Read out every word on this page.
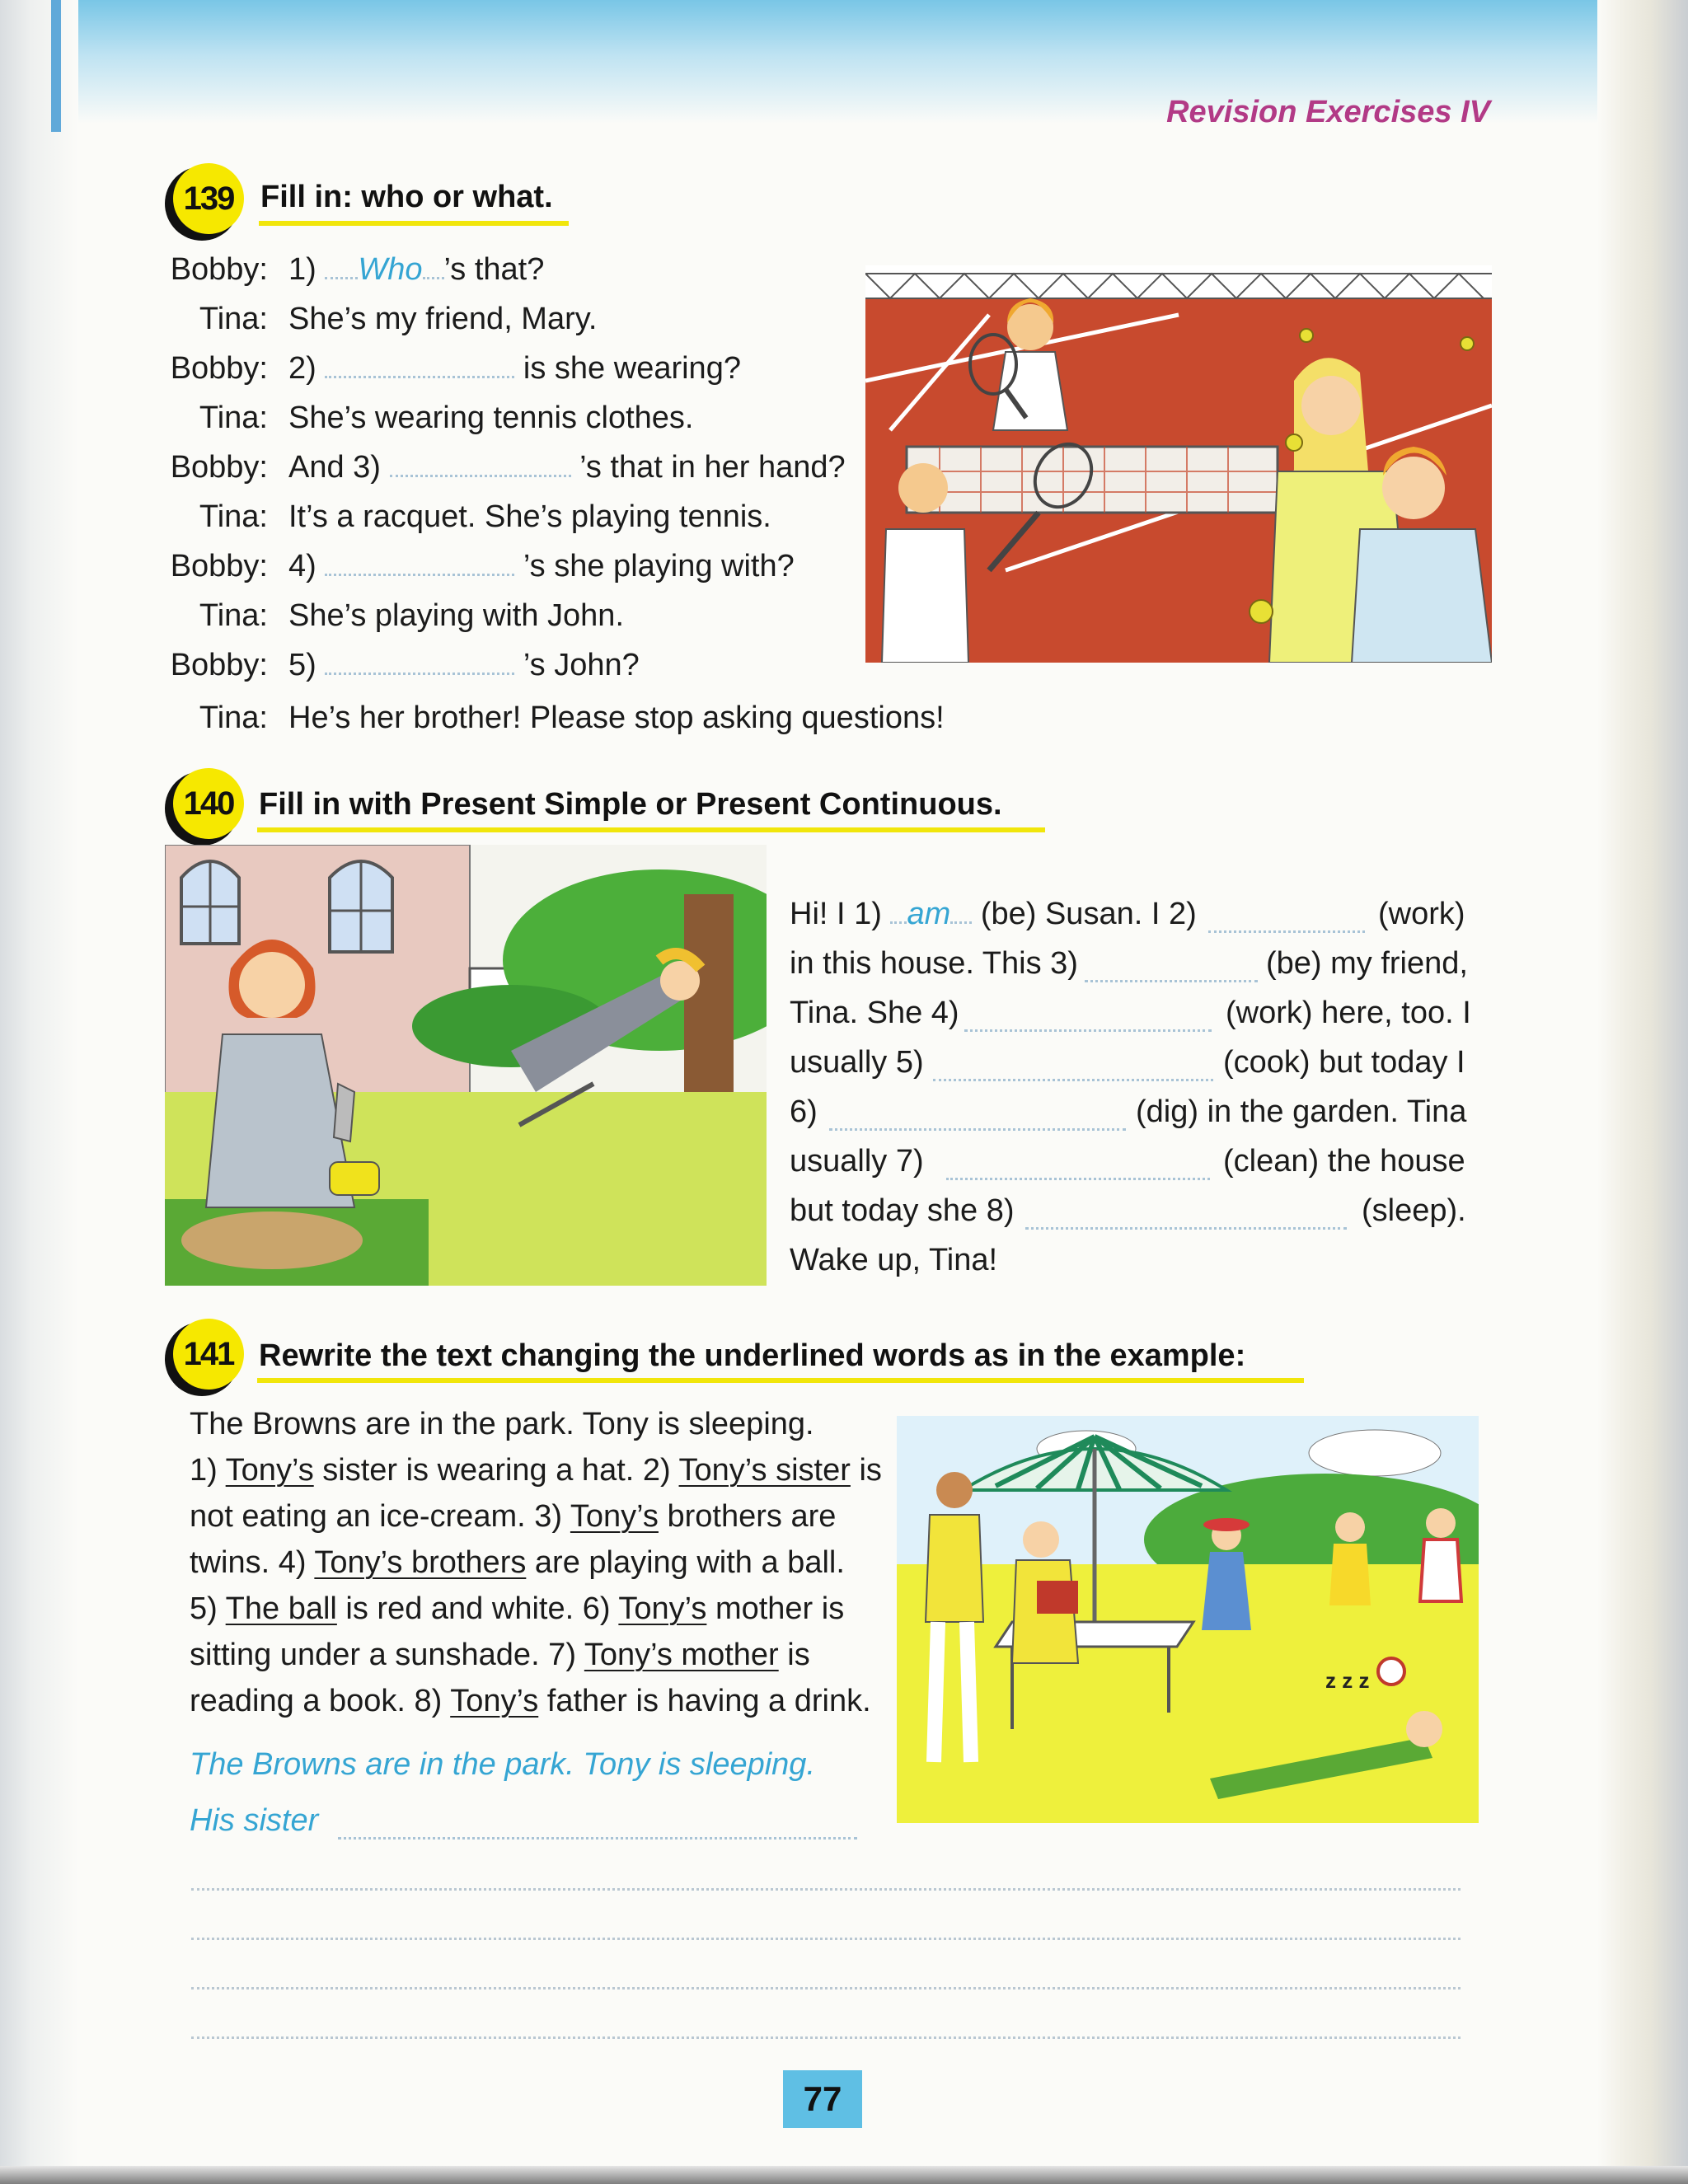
Revision Exercises IV
139 Fill in: who or what.
Bobby: 1) Who ’s that?
Tina: She’s my friend, Mary.
Bobby: 2)	is she wearing?
Tina: She’s wearing tennis clothes.
Bobby: And 3)	’s that in her hand?
Tina: It’s a racquet. She’s playing tennis.
Bobby: 4)	’s she playing with?
Tina: She’s playing with John.
Bobby: 5)	’s John?
Tina: He’s her brother! Please stop asking questions!
140 Fill in with Present Simple or Present Continuous.
Hi! I 1) am (be) Susan. I 2)	(work)
in this house. This 3)	(be) my friend,
Tina. She 4)	(work) here, too. I
usually 5)	(cook) but today I
6)	(dig) in the garden. Tina
usually 7)	(clean) the house
but today she 8)	(sleep).
Wake up, Tina!
141 Rewrite the text changing the underlined words as in the example:
The Browns are in the park. Tony is sleeping.
1) Tony’s sister is wearing a hat. 2) Tony’s sister is
not eating an ice-cream. 3) Tony’s brothers are
twins. 4) Tony’s brothers are playing with a ball.
5) The ball is red and white. 6) Tony’s mother is
sitting under a sunshade. 7) Tony’s mother is
reading a book. 8) Tony’s father is having a drink.
The Browns are in the park. Tony is sleeping.
His sister
z z z
77
